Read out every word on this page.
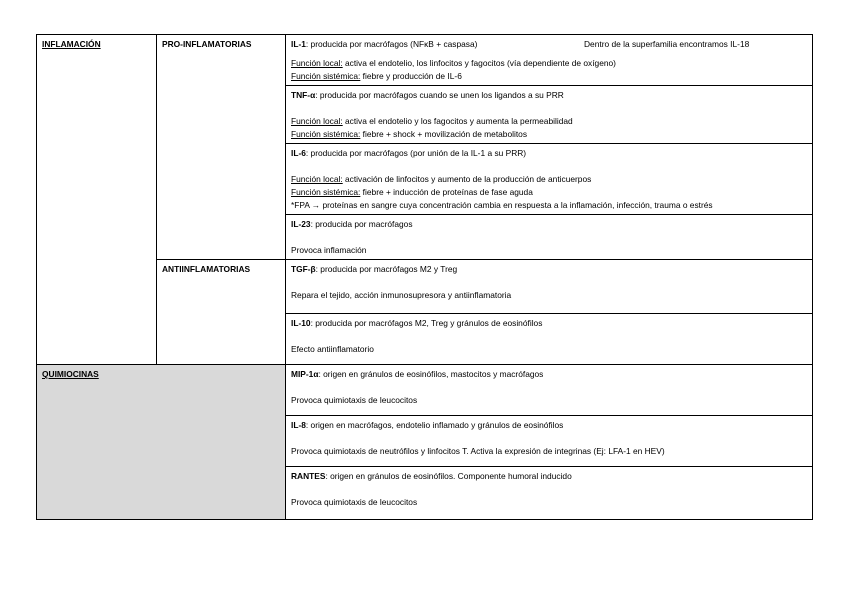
INFLAMACIÓN	PRO-INFLAMATORIAS	IL-1: producida por macrófagos (NFκB + caspasa) Dentro de la superfamilia encontramos IL-18

Función local: activa el endotelio, los linfocitos y fagocitos (vía dependiente de oxígeno)

Función sistémica: fiebre y producción de IL-6

		TNF-α: producida por macrófagos cuando se unen los ligandos a su PRR

Función local: activa el endotelio y los fagocitos y aumenta la permeabilidad

Función sistémica: fiebre + shock + movilización de metabolitos

		IL-6: producida por macrófagos (por unión de la IL-1 a su PRR)

Función local: activación de linfocitos y aumento de la producción de anticuerpos

Función sistémica: fiebre + inducción de proteínas de fase aguda

*FPA → proteínas en sangre cuya concentración cambia en respuesta a la inflamación, infección, trauma o estrés

		IL-23: producida por macrófagos

Provoca inflamación

	ANTIINFLAMATORIAS	TGF-β: producida por macrófagos M2 y Treg

Repara el tejido, acción inmunosupresora y antiinflamatoria

		IL-10: producida por macrófagos M2, Treg y gránulos de eosinófilos

Efecto antiinflamatorio

QUIMIOCINAS		MIP-1α: origen en gránulos de eosinófilos, mastocitos y macrófagos

Provoca quimiotaxis de leucocitos

		IL-8: origen en macrófagos, endotelio inflamado y gránulos de eosinófilos

Provoca quimiotaxis de neutrófilos y linfocitos T. Activa la expresión de integrinas (Ej: LFA-1 en HEV)

		RANTES: origen en gránulos de eosinófilos. Componente humoral inducido

Provoca quimiotaxis de leucocitos
